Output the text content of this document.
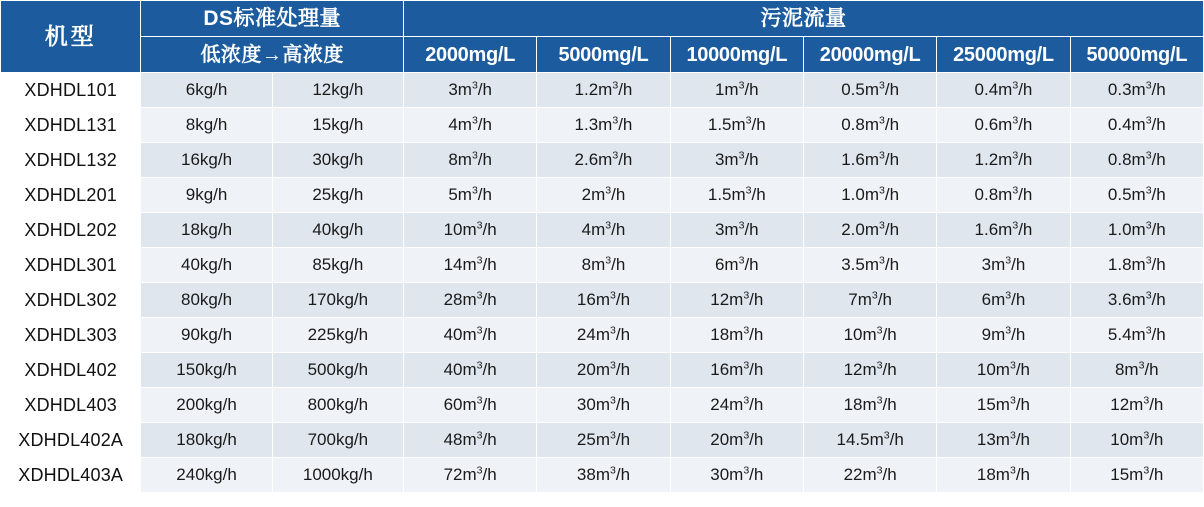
机型	DS标准处理量		污泥流量					
	低浓度→高浓度		2000mg/L	5000mg/L	10000mg/L	20000mg/L	25000mg/L	50000mg/L
XDHDL101	6kg/h	12kg/h	$3m^3/h$	$1.2m^3/h$	$1m^3/h$	$0.5m^3/h$	$0.4m^3/h$	$0.3m^3/h$
XDHDL131	8kg/h	15kg/h	$4m^3/h$	$1.3m^3/h$	$1.5m^3/h$	$0.8m^3/h$	$0.6m^3/h$	$0.4m^3/h$
XDHDL132	16kg/h	30kg/h	$8m^3/h$	$2.6m^3/h$	$3m^3/h$	$1.6m^3/h$	$1.2m^3/h$	$0.8m^3/h$
XDHDL201	9kg/h	25kg/h	$5m^3/h$	$2m^3/h$	$1.5m^3/h$	$1.0m^3/h$	$0.8m^3/h$	$0.5m^3/h$
XDHDL202	18kg/h	40kg/h	$10m^3/h$	$4m^3/h$	$3m^3/h$	$2.0m^3/h$	$1.6m^3/h$	$1.0m^3/h$
XDHDL301	40kg/h	85kg/h	$14m^3/h$	$8m^3/h$	$6m^3/h$	$3.5m^3/h$	$3m^3/h$	$1.8m^3/h$
XDHDL302	80kg/h	170kg/h	$28m^3/h$	$16m^3/h$	$12m^3/h$	$7m^3/h$	$6m^3/h$	$3.6m^3/h$
XDHDL303	90kg/h	225kg/h	$40m^3/h$	$24m^3/h$	$18m^3/h$	$10m^3/h$	$9m^3/h$	$5.4m^3/h$
XDHDL402	150kg/h	500kg/h	$40m^3/h$	$20m^3/h$	$16m^3/h$	$12m^3/h$	$10m^3/h$	$8m^3/h$
XDHDL403	200kg/h	800kg/h	$60m^3/h$	$30m^3/h$	$24m^3/h$	$18m^3/h$	$15m^3/h$	$12m^3/h$
XDHDL402A	180kg/h	700kg/h	$48m^3/h$	$25m^3/h$	$20m^3/h$	$14.5m^3/h$	$13m^3/h$	$10m^3/h$
XDHDL403A	240kg/h	1000kg/h	$72m^3/h$	$38m^3/h$	$30m^3/h$	$22m^3/h$	$18m^3/h$	$15m^3/h$
